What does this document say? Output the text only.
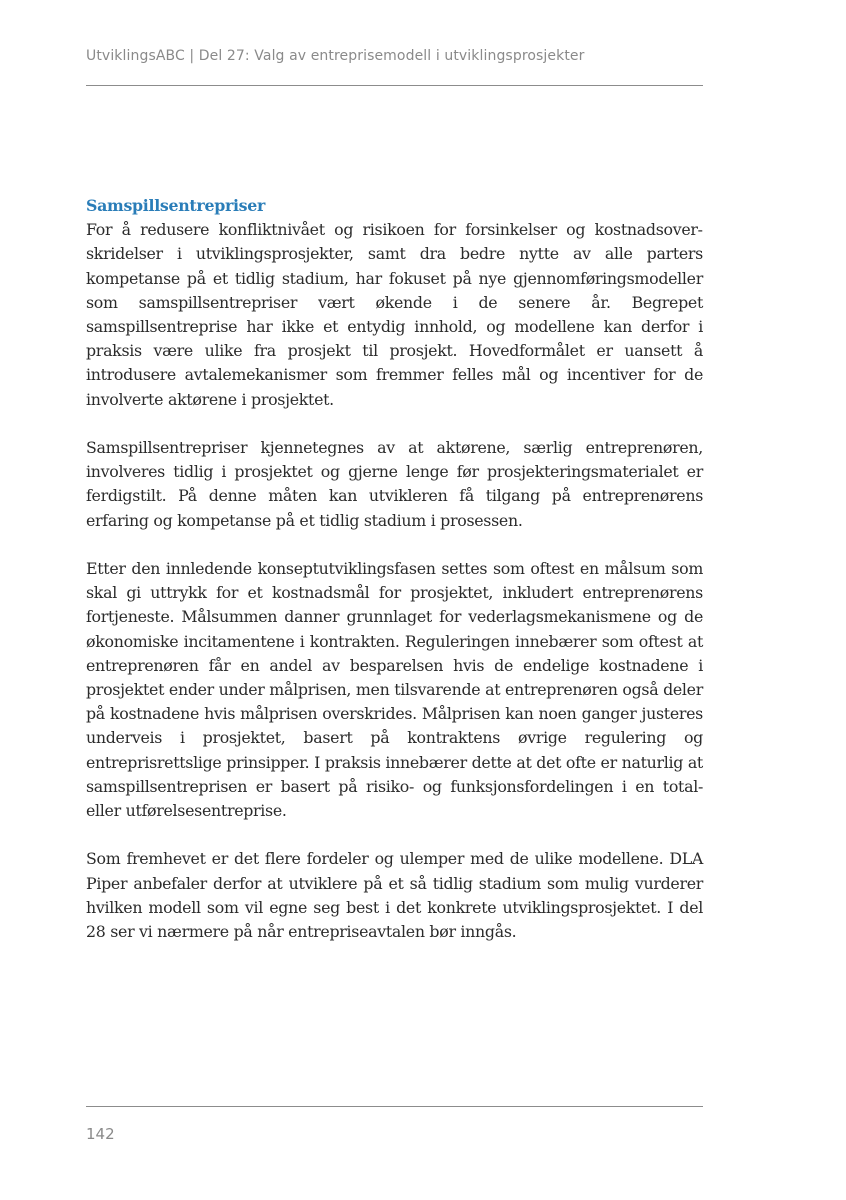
UtviklingsABC | Del 27: Valg av entreprisemodell i utviklingsprosjekter
Samspillsentrepriser

For å redusere konfliktnivået og risikoen for forsinkelser og kostnadsoverskridelser i utviklingsprosjekter, samt dra bedre nytte av alle parters kompetanse på et tidlig stadium, har fokuset på nye gjennomføringsmodeller som samspillsentrepriser vært økende i de senere år. Begrepet samspillsentreprise har ikke et entydig innhold, og modellene kan derfor i praksis være ulike fra prosjekt til prosjekt. Hovedformålet er uansett å introdusere avtalemekanismer som fremmer felles mål og incentiver for de involverte aktørene i prosjektet.

Samspillsentrepriser kjennetegnes av at aktørene, særlig entreprenøren, involveres tidlig i prosjektet og gjerne lenge før prosjekteringsmaterialet er ferdigstilt. På denne måten kan utvikleren få tilgang på entreprenørens erfaring og kompetanse på et tidlig stadium i prosessen.

Etter den innledende konseptutviklingsfasen settes som oftest en målsum som skal gi uttrykk for et kostnadsmål for prosjektet, inkludert entreprenørens fortjeneste. Målsummen danner grunnlaget for vederlagsmekanismene og de økonomiske incitamentene i kontrakten. Reguleringen innebærer som oftest at entreprenøren får en andel av besparelsen hvis de endelige kostnadene i prosjektet ender under målprisen, men tilsvarende at entreprenøren også deler på kostnadene hvis målprisen overskrides. Målprisen kan noen ganger justeres underveis i prosjektet, basert på kontraktens øvrige regulering og entreprisrettslige prinsipper. I praksis innebærer dette at det ofte er naturlig at samspillsentreprisen er basert på risiko- og funksjonsfordelingen i en total- eller utførelsesentreprise.

Som fremhevet er det flere fordeler og ulemper med de ulike modellene. DLA Piper anbefaler derfor at utviklere på et så tidlig stadium som mulig vurderer hvilken modell som vil egne seg best i det konkrete utviklingsprosjektet. I del 28 ser vi nærmere på når entrepriseavtalen bør inngås.

142
